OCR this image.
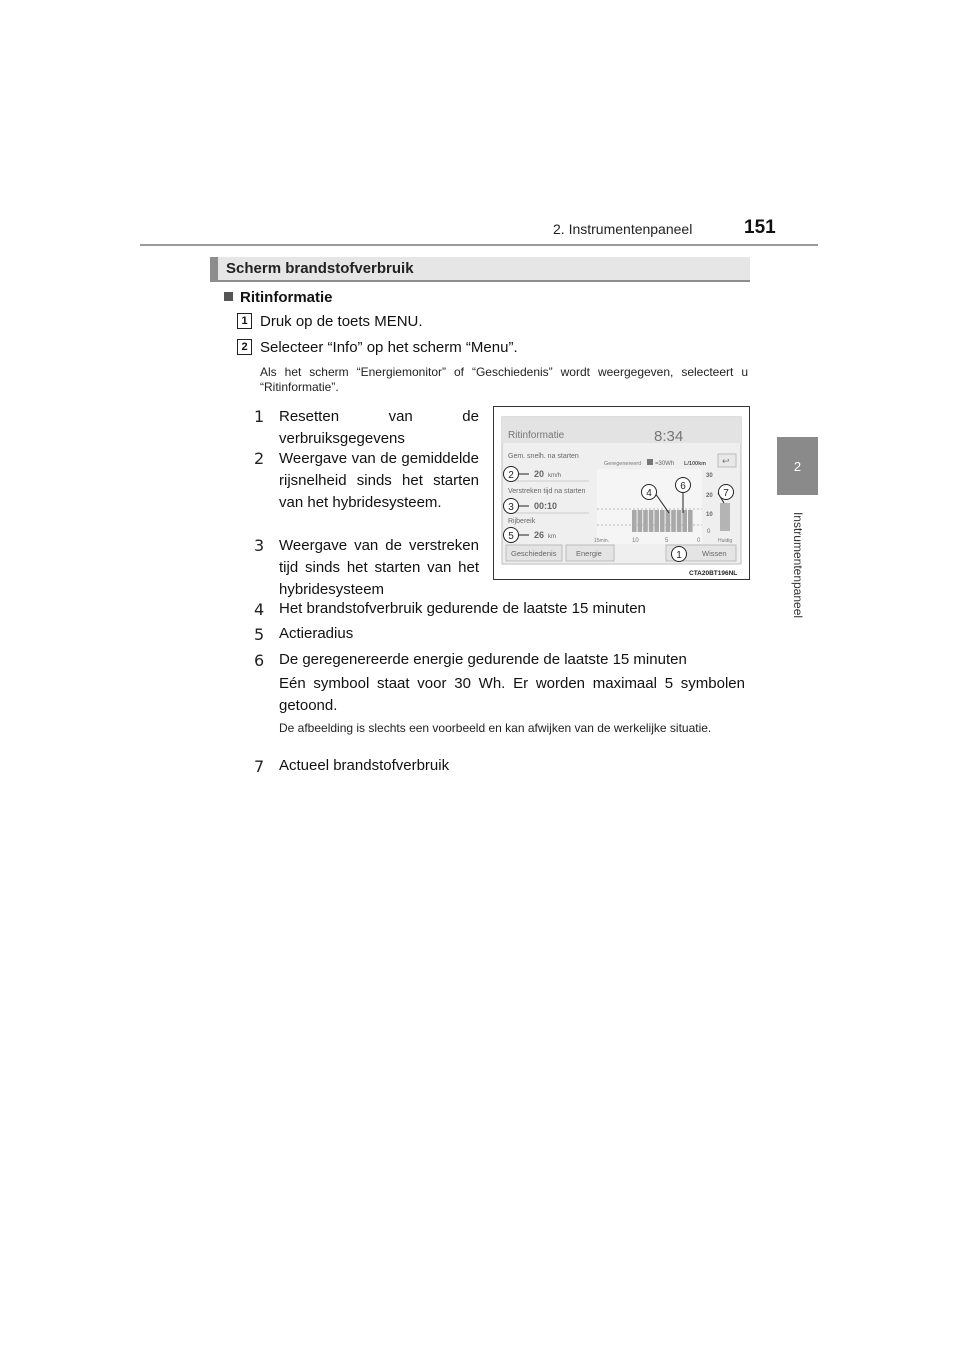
2. Instrumentenpaneel	151
2
Instrumentenpaneel
Scherm brandstofverbruik
Ritinformatie
1 Druk op de toets MENU.
2 Selecteer “Info” op het scherm “Menu”.
Als het scherm “Energiemonitor” of “Geschiedenis” wordt weergegeven, selecteert u “Ritinformatie”.
1 Resetten van de verbruiksgegevens
2 Weergave van de gemiddelde rijsnelheid sinds het starten van het hybridesysteem.
3 Weergave van de verstreken tijd sinds het starten van het hybridesysteem
4 Het brandstofverbruik gedurende de laatste 15 minuten
5 Actieradius
6 De geregenereerde energie gedurende de laatste 15 minuten
Eén symbool staat voor 30 Wh. Er worden maximaal 5 symbolen getoond.
De afbeelding is slechts een voorbeeld en kan afwijken van de werkelijke situatie.
7 Actueel brandstofverbruik
Ritinformatie	8:34
Gem. snelh. na starten
20 km/h
Verstreken tijd na starten
00:10
Rijbereik
26 km
Geregenereerd =30Wh L/100km ↩
30
20
10
0
15min.	10	5	0	Huidig
Geschiedenis	Energie	Wissen
2
3
4
5
6
7
1
CTA20BT196NL
